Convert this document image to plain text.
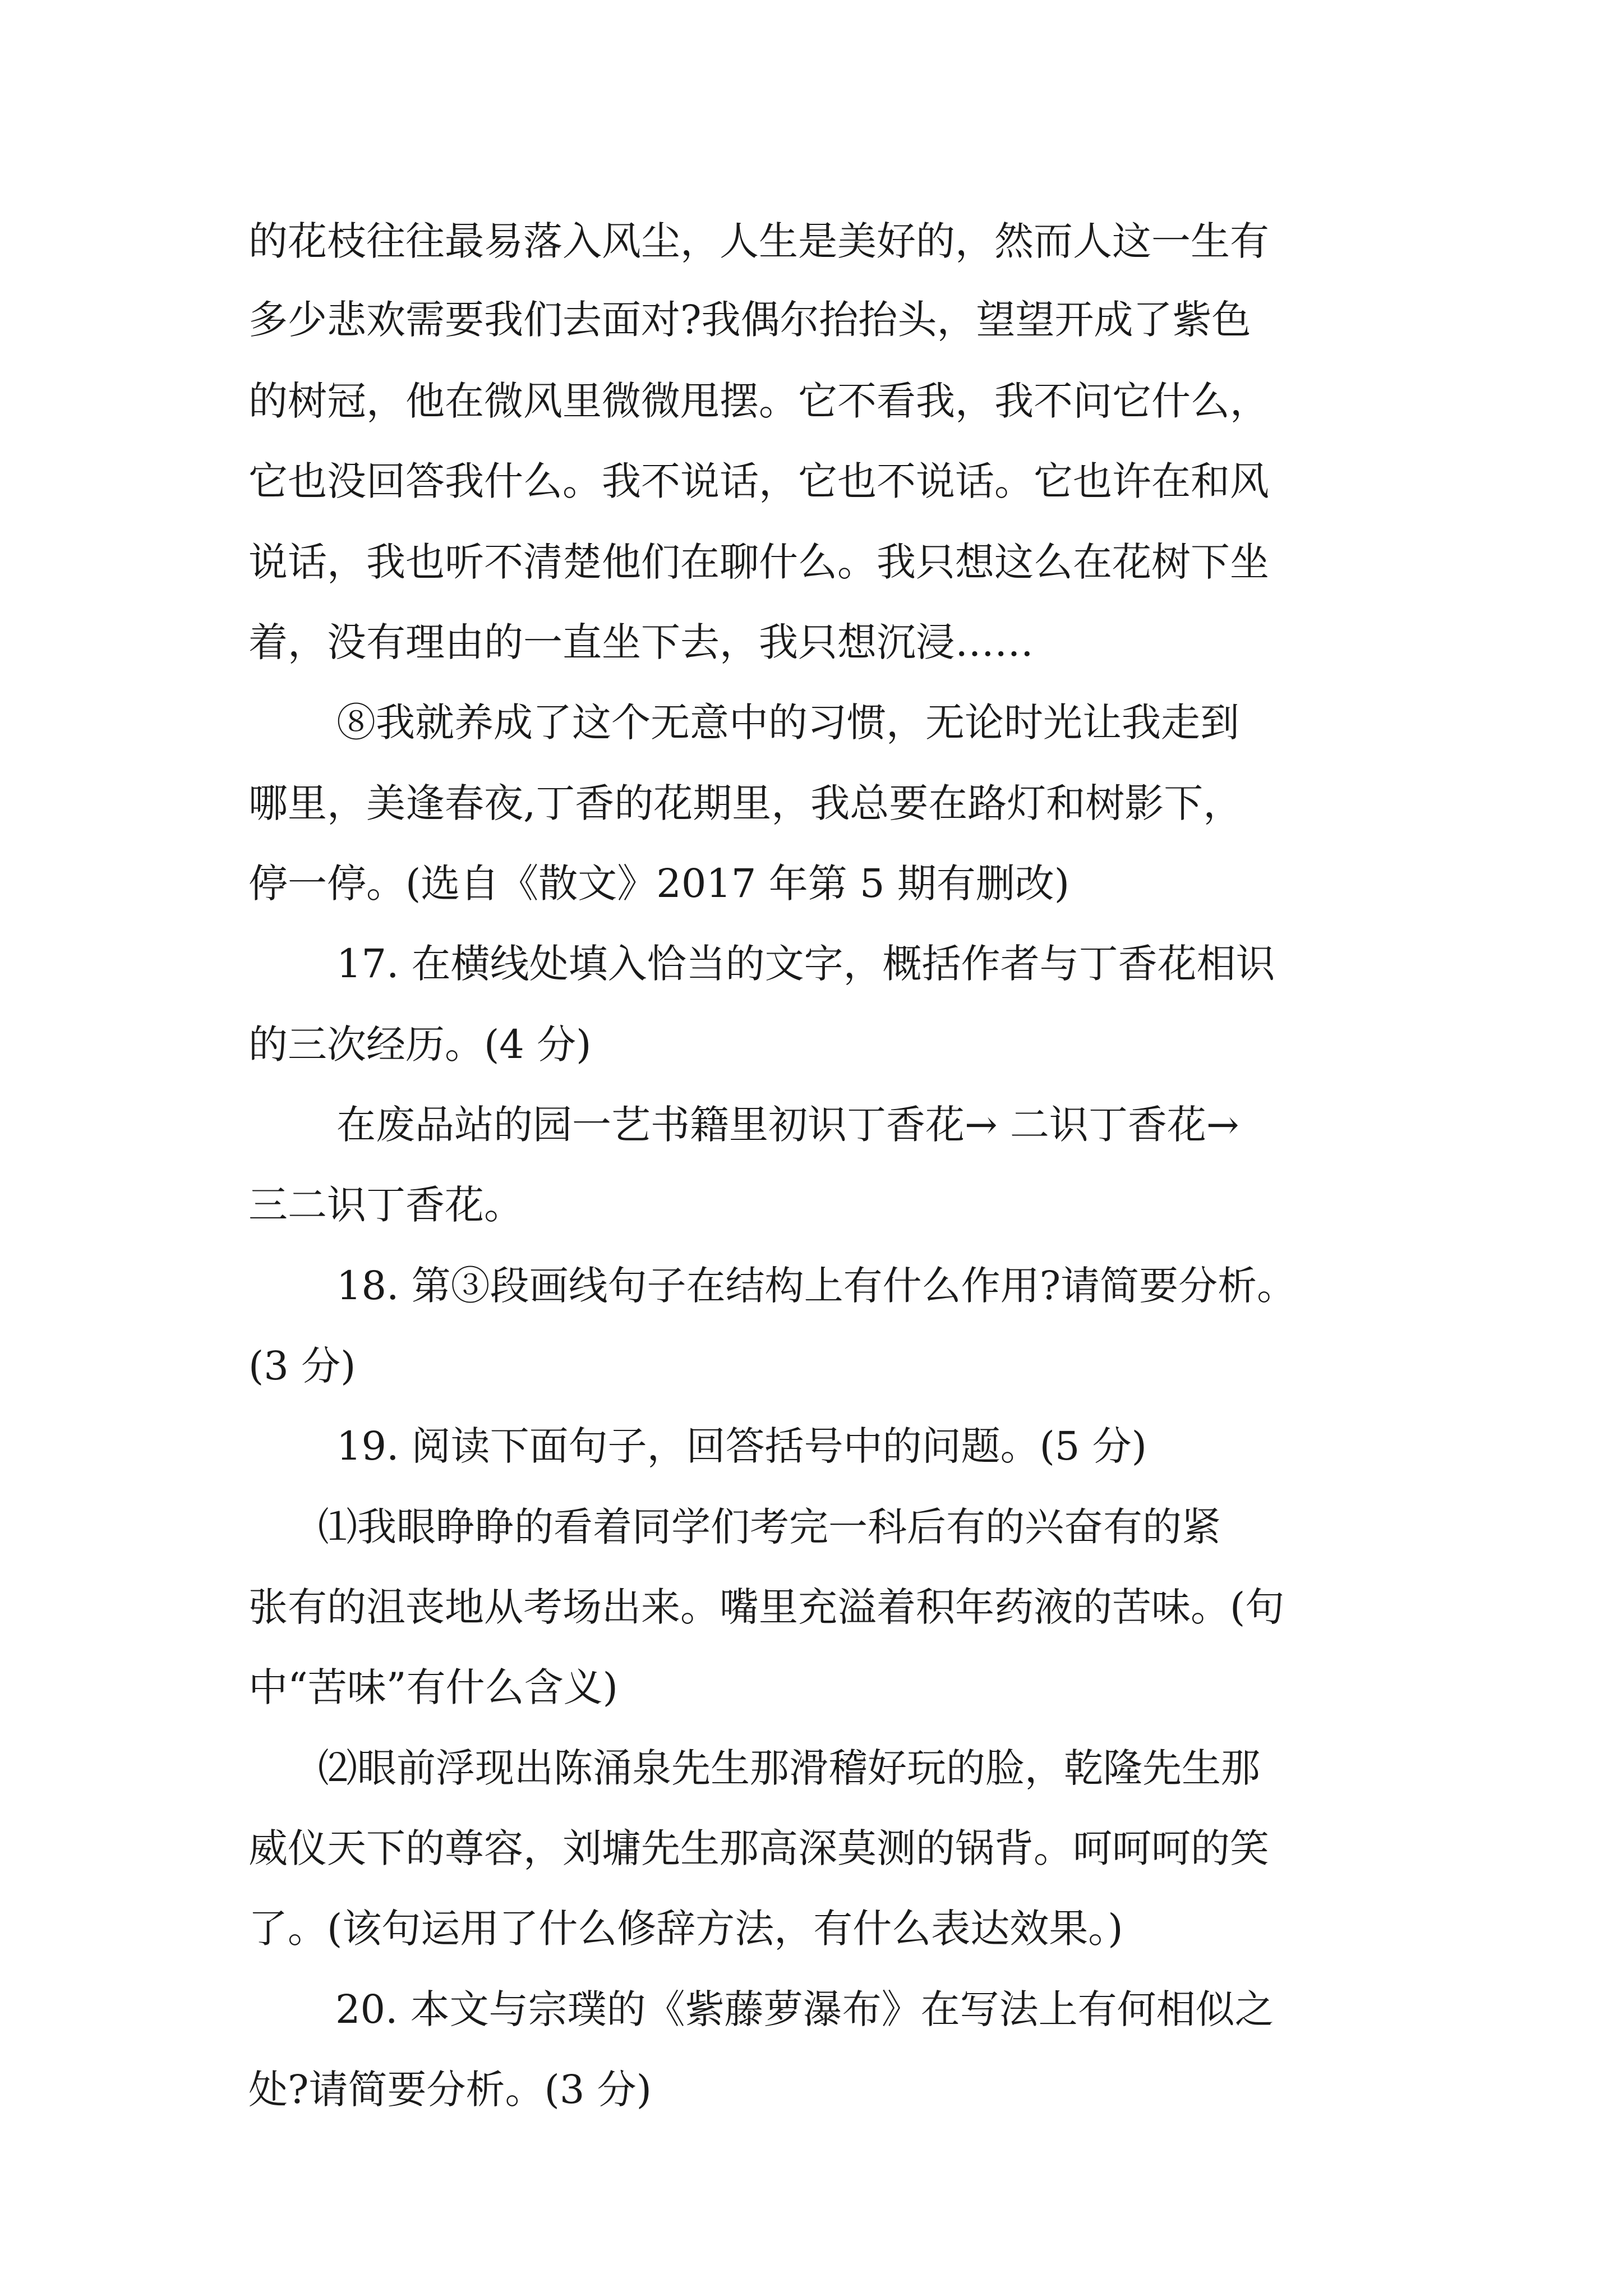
的花枝往往最易落入风尘，人生是美好的，然而人这一生有
多少悲欢需要我们去面对?我偶尔抬抬头，望望开成了紫色
的树冠，他在微风里微微甩摆。它不看我，我不问它什么，
它也没回答我什么。我不说话，它也不说话。它也许在和风
说话，我也听不清楚他们在聊什么。我只想这么在花树下坐
着，没有理由的一直坐下去，我只想沉浸……
⑧我就养成了这个无意中的习惯，无论时光让我走到
哪里，美逢春夜,丁香的花期里，我总要在路灯和树影下，
停一停。(选自《散文》2017 年第 5 期有删改)
17. 在横线处填入恰当的文字，概括作者与丁香花相识
的三次经历。(4 分)
在废品站的园一艺书籍里初识丁香花→ 二识丁香花→
三二识丁香花。
18. 第③段画线句子在结构上有什么作用?请简要分析。
(3 分)
19. 阅读下面句子，回答括号中的问题。(5 分)
⑴我眼睁睁的看着同学们考完一科后有的兴奋有的紧
张有的沮丧地从考场出来。嘴里充溢着积年药液的苦味。(句
中“苦味”有什么含义)
⑵眼前浮现出陈涌泉先生那滑稽好玩的脸，乾隆先生那
威仪天下的尊容，刘墉先生那高深莫测的锅背。呵呵呵的笑
了。(该句运用了什么修辞方法，有什么表达效果。)
20. 本文与宗璞的《紫藤萝瀑布》在写法上有何相似之
处?请简要分析。(3 分)
